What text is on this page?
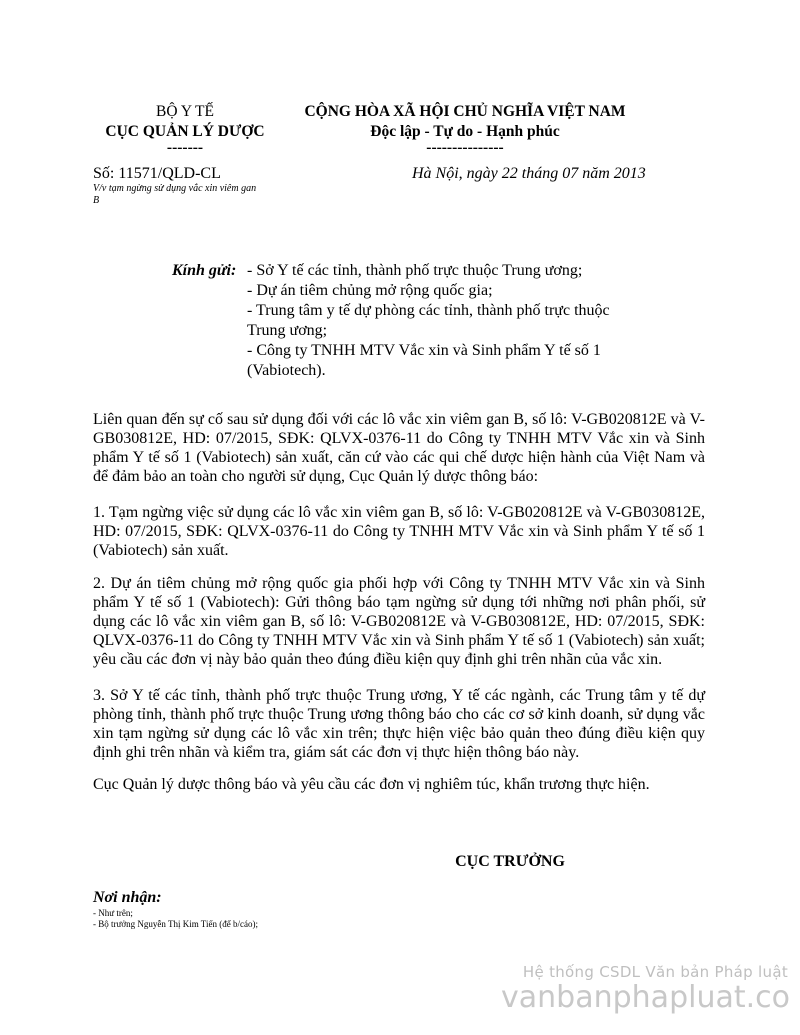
BỘ Y TẾ
CỤC QUẢN LÝ DƯỢC
-------
CỘNG HÒA XÃ HỘI CHỦ NGHĨA VIỆT NAM
Độc lập - Tự do - Hạnh phúc
---------------
Số: 11571/QLD-CL
V/v tạm ngừng sử dụng vắc xin viêm gan
B
Hà Nội, ngày 22 tháng 07 năm 2013
Kính gửi: - Sở Y tế các tỉnh, thành phố trực thuộc Trung ương;
- Dự án tiêm chủng mở rộng quốc gia;
- Trung tâm y tế dự phòng các tỉnh, thành phố trực thuộc
Trung ương;
- Công ty TNHH MTV Vắc xin và Sinh phẩm Y tế số 1
(Vabiotech).
Liên quan đến sự cố sau sử dụng đối với các lô vắc xin viêm gan B, số lô: V-GB020812E và V-GB030812E, HD: 07/2015, SĐK: QLVX-0376-11 do Công ty TNHH MTV Vắc xin và Sinh phẩm Y tế số 1 (Vabiotech) sản xuất, căn cứ vào các qui chế dược hiện hành của Việt Nam và để đảm bảo an toàn cho người sử dụng, Cục Quản lý dược thông báo:
1. Tạm ngừng việc sử dụng các lô vắc xin viêm gan B, số lô: V-GB020812E và V-GB030812E, HD: 07/2015, SĐK: QLVX-0376-11 do Công ty TNHH MTV Vắc xin và Sinh phẩm Y tế số 1 (Vabiotech) sản xuất.
2. Dự án tiêm chủng mở rộng quốc gia phối hợp với Công ty TNHH MTV Vắc xin và Sinh phẩm Y tế số 1 (Vabiotech): Gửi thông báo tạm ngừng sử dụng tới những nơi phân phối, sử dụng các lô vắc xin viêm gan B, số lô: V-GB020812E và V-GB030812E, HD: 07/2015, SĐK: QLVX-0376-11 do Công ty TNHH MTV Vắc xin và Sinh phẩm Y tế số 1 (Vabiotech) sản xuất; yêu cầu các đơn vị này bảo quản theo đúng điều kiện quy định ghi trên nhãn của vắc xin.
3. Sở Y tế các tỉnh, thành phố trực thuộc Trung ương, Y tế các ngành, các Trung tâm y tế dự phòng tỉnh, thành phố trực thuộc Trung ương thông báo cho các cơ sở kinh doanh, sử dụng vắc xin tạm ngừng sử dụng các lô vắc xin trên; thực hiện việc bảo quản theo đúng điều kiện quy định ghi trên nhãn và kiểm tra, giám sát các đơn vị thực hiện thông báo này.
Cục Quản lý dược thông báo và yêu cầu các đơn vị nghiêm túc, khẩn trương thực hiện.
CỤC TRƯỞNG
Nơi nhận:
- Như trên;
- Bộ trưởng Nguyễn Thị Kim Tiến (để b/cáo);
Hệ thống CSDL Văn bản Pháp luật
vanbanphapluat.co
